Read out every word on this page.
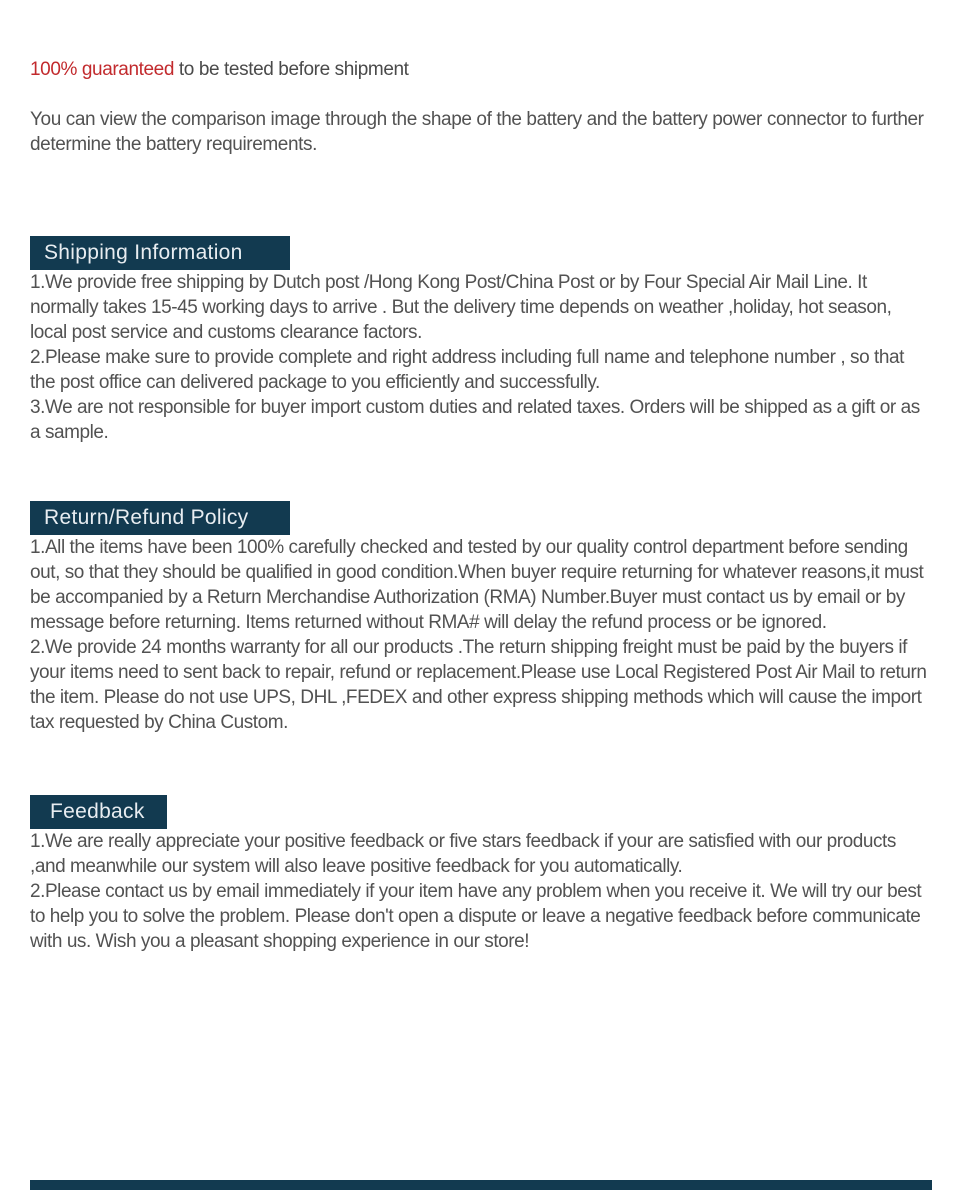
100% guaranteed to be tested before shipment

You can view the comparison image through the shape of the battery and the battery power connector to further determine the battery requirements.

Shipping Information

1.We provide free shipping by Dutch post /Hong Kong Post/China Post or by Four Special Air Mail Line. It normally takes 15-45 working days to arrive . But the delivery time depends on weather ,holiday, hot season, local post service and customs clearance factors.

2.Please make sure to provide complete and right address including full name and telephone number , so that the post office can delivered package to you efficiently and successfully.

3.We are not responsible for buyer import custom duties and related taxes. Orders will be shipped as a gift or as a sample.

Return/Refund Policy

1.All the items have been 100% carefully checked and tested by our quality control department before sending out, so that they should be qualified in good condition.When buyer require returning for whatever reasons,it must be accompanied by a Return Merchandise Authorization (RMA) Number.Buyer must contact us by email or by message before returning. Items returned without RMA# will delay the refund process or be ignored.

2.We provide 24 months warranty for all our products .The return shipping freight must be paid by the buyers if your items need to sent back to repair, refund or replacement.Please use Local Registered Post Air Mail to return the item. Please do not use UPS, DHL ,FEDEX and other express shipping methods which will cause the import tax requested by China Custom.

Feedback

1.We are really appreciate your positive feedback or five stars feedback if your are satisfied with our products ,and meanwhile our system will also leave positive feedback for you automatically.

2.Please contact us by email immediately if your item have any problem when you receive it. We will try our best to help you to solve the problem. Please don't open a dispute or leave a negative feedback before communicate with us. Wish you a pleasant shopping experience in our store!
